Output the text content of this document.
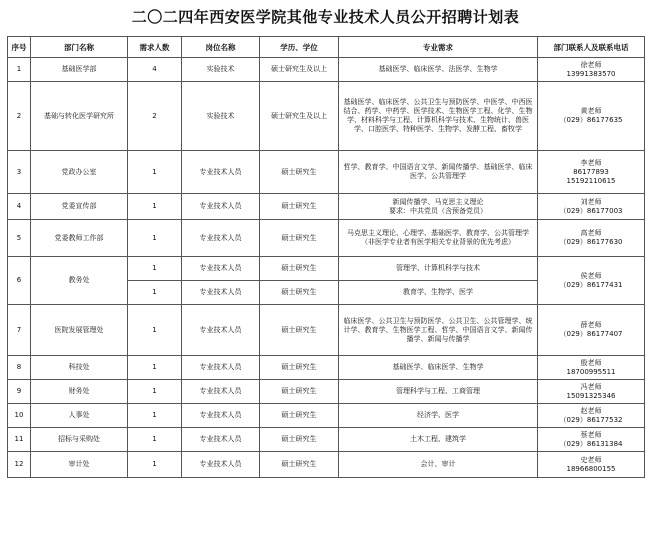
二〇二四年西安医学院其他专业技术人员公开招聘计划表
序号	部门名称	需求人数	岗位名称	学历、学位	专业需求	部门联系人及联系电话
1	基础医学部	4	实验技术	硕士研究生及以上	基础医学、临床医学、法医学、生物学	徐老师
13991383570

2	基础与转化医学研究所	2	实验技术	硕士研究生及以上	基础医学、临床医学、公共卫生与预防医学、中医学、中西医结合、药学、中药学、医学技术、生物医学工程、化学、生物学、材料科学与工程、计算机科学与技术、生物统计、兽医学、口腔医学、特种医学、生物学、发酵工程、畜牧学	黄老师
（029）86177635

3	党政办公室	1	专业技术人员	硕士研究生	哲学、教育学、中国语言文学、新闻传播学、基础医学、临床医学、公共管理学	李老师
86177893
15192110615

4	党委宣传部	1	专业技术人员	硕士研究生	新闻传播学、马克思主义理论
要求：中共党员（含预备党员）	刘老师
（029）86177003

5	党委教师工作部	1	专业技术人员	硕士研究生	马克思主义理论、心理学、基础医学、教育学、公共管理学（非医学专业者有医学相关专业背景的优先考虑）	高老师
（029）86177630

6	教务处	1	专业技术人员	硕士研究生	管理学、计算机科学与技术	侯老师
（029）86177431

		1	专业技术人员	硕士研究生	教育学、生物学、医学	
7	医院发展管理处	1	专业技术人员	硕士研究生	临床医学、公共卫生与预防医学、公共卫生、公共管理学、统计学、教育学、生物医学工程、哲学、中国语言文学、新闻传播学、新闻与传播学	薛老师
（029）86177407

8	科技处	1	专业技术人员	硕士研究生	基础医学、临床医学、生物学	殷老师
18700995511

9	财务处	1	专业技术人员	硕士研究生	管理科学与工程、工商管理	冯老师
15091325346

10	人事处	1	专业技术人员	硕士研究生	经济学、医学	赵老师
（029）86177532

11	招标与采购处	1	专业技术人员	硕士研究生	土木工程、建筑学	蔡老师
（029）86131384

12	审计处	1	专业技术人员	硕士研究生	会计、审计	史老师
18966800155
